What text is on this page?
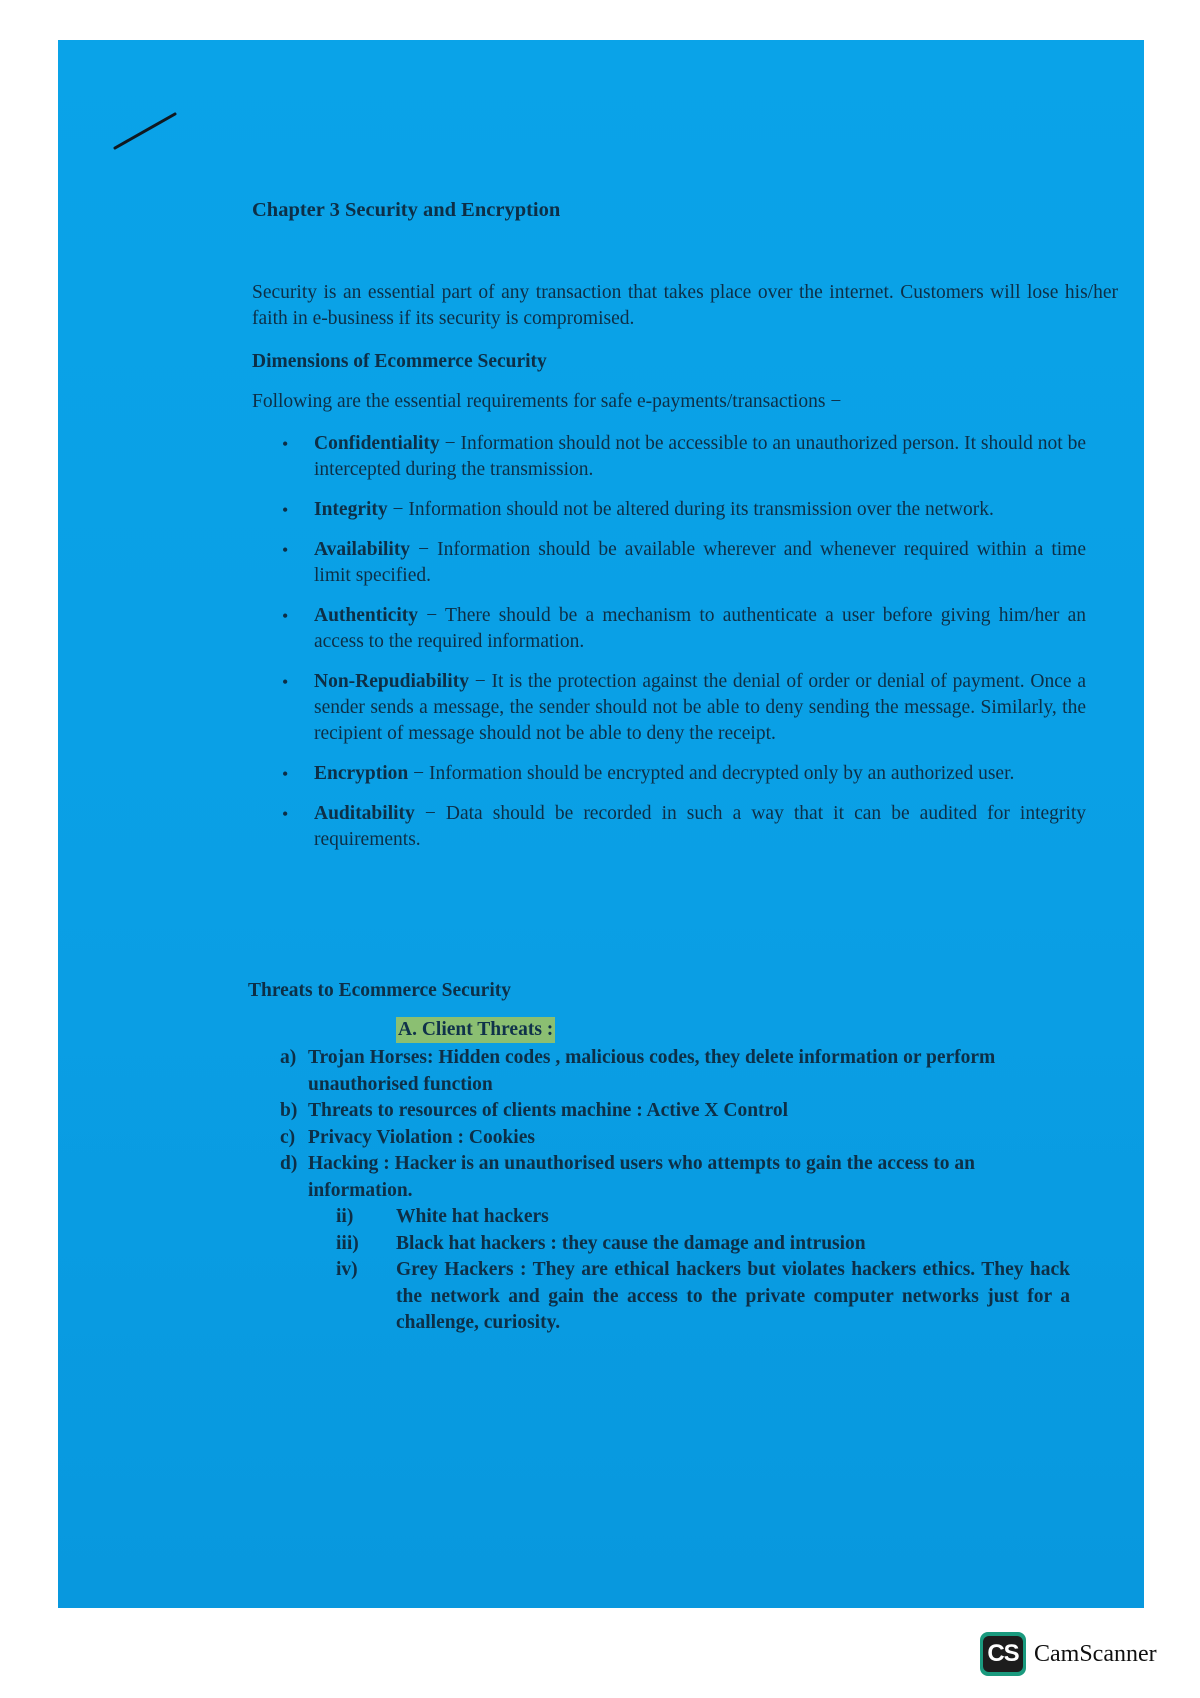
Chapter 3 Security and Encryption

Security is an essential part of any transaction that takes place over the internet. Customers will lose his/her faith in e-business if its security is compromised.

Dimensions of Ecommerce Security
Following are the essential requirements for safe e-payments/transactions −
• Confidentiality − Information should not be accessible to an unauthorized person. It should not be intercepted during the transmission.
• Integrity − Information should not be altered during its transmission over the network.
• Availability − Information should be available wherever and whenever required within a time limit specified.
• Authenticity − There should be a mechanism to authenticate a user before giving him/her an access to the required information.
• Non-Repudiability − It is the protection against the denial of order or denial of payment. Once a sender sends a message, the sender should not be able to deny sending the message. Similarly, the recipient of message should not be able to deny the receipt.
• Encryption − Information should be encrypted and decrypted only by an authorized user.
• Auditability − Data should be recorded in such a way that it can be audited for integrity requirements.
Threats to Ecommerce Security
A. Client Threats :
a) Trojan Horses: Hidden codes , malicious codes, they delete information or perform unauthorised function
b) Threats to resources of clients machine : Active X Control
c) Privacy Violation : Cookies
d) Hacking : Hacker is an unauthorised users who attempts to gain the access to an information.
ii) White hat hackers
iii) Black hat hackers : they cause the damage and intrusion
iv) Grey Hackers : They are ethical hackers but violates hackers ethics. They hack the network and gain the access to the private computer networks just for a challenge, curiosity.
CS CamScanner
